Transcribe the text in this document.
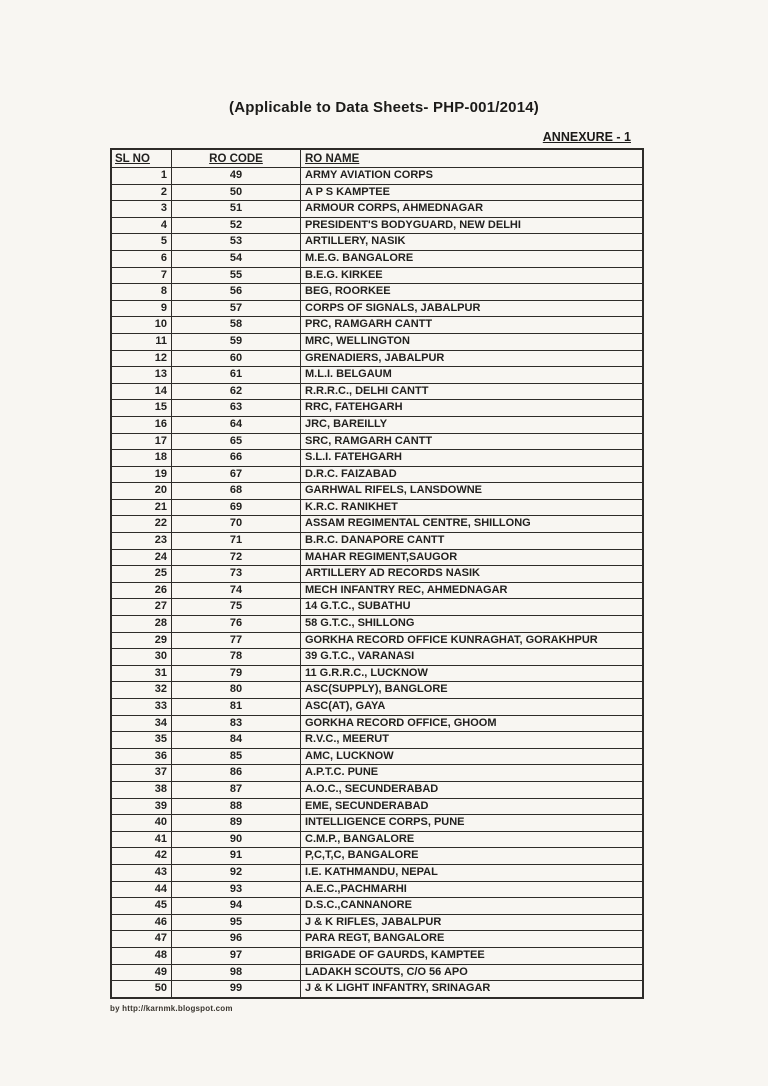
(Applicable to Data Sheets- PHP-001/2014)
ANNEXURE - 1
SL NO	RO CODE	RO NAME
1	49	ARMY AVIATION CORPS
2	50	A P S KAMPTEE
3	51	ARMOUR CORPS, AHMEDNAGAR
4	52	PRESIDENT'S BODYGUARD, NEW DELHI
5	53	ARTILLERY, NASIK
6	54	M.E.G. BANGALORE
7	55	B.E.G. KIRKEE
8	56	BEG, ROORKEE
9	57	CORPS OF SIGNALS, JABALPUR
10	58	PRC, RAMGARH CANTT
11	59	MRC, WELLINGTON
12	60	GRENADIERS, JABALPUR
13	61	M.L.I. BELGAUM
14	62	R.R.R.C., DELHI CANTT
15	63	RRC, FATEHGARH
16	64	JRC, BAREILLY
17	65	SRC, RAMGARH CANTT
18	66	S.L.I. FATEHGARH
19	67	D.R.C. FAIZABAD
20	68	GARHWAL RIFELS, LANSDOWNE
21	69	K.R.C. RANIKHET
22	70	ASSAM REGIMENTAL CENTRE, SHILLONG
23	71	B.R.C. DANAPORE CANTT
24	72	MAHAR REGIMENT,SAUGOR
25	73	ARTILLERY AD RECORDS NASIK
26	74	MECH INFANTRY REC, AHMEDNAGAR
27	75	14 G.T.C., SUBATHU
28	76	58 G.T.C., SHILLONG
29	77	GORKHA RECORD OFFICE KUNRAGHAT, GORAKHPUR
30	78	39 G.T.C., VARANASI
31	79	11 G.R.R.C., LUCKNOW
32	80	ASC(SUPPLY), BANGLORE
33	81	ASC(AT), GAYA
34	83	GORKHA RECORD OFFICE, GHOOM
35	84	R.V.C., MEERUT
36	85	AMC, LUCKNOW
37	86	A.P.T.C. PUNE
38	87	A.O.C., SECUNDERABAD
39	88	EME, SECUNDERABAD
40	89	INTELLIGENCE CORPS, PUNE
41	90	C.M.P., BANGALORE
42	91	P,C,T,C, BANGALORE
43	92	I.E. KATHMANDU, NEPAL
44	93	A.E.C.,PACHMARHI
45	94	D.S.C.,CANNANORE
46	95	J & K RIFLES, JABALPUR
47	96	PARA REGT, BANGALORE
48	97	BRIGADE OF GAURDS, KAMPTEE
49	98	LADAKH SCOUTS, C/O 56 APO
50	99	J & K LIGHT INFANTRY, SRINAGAR
by http://karnmk.blogspot.com
